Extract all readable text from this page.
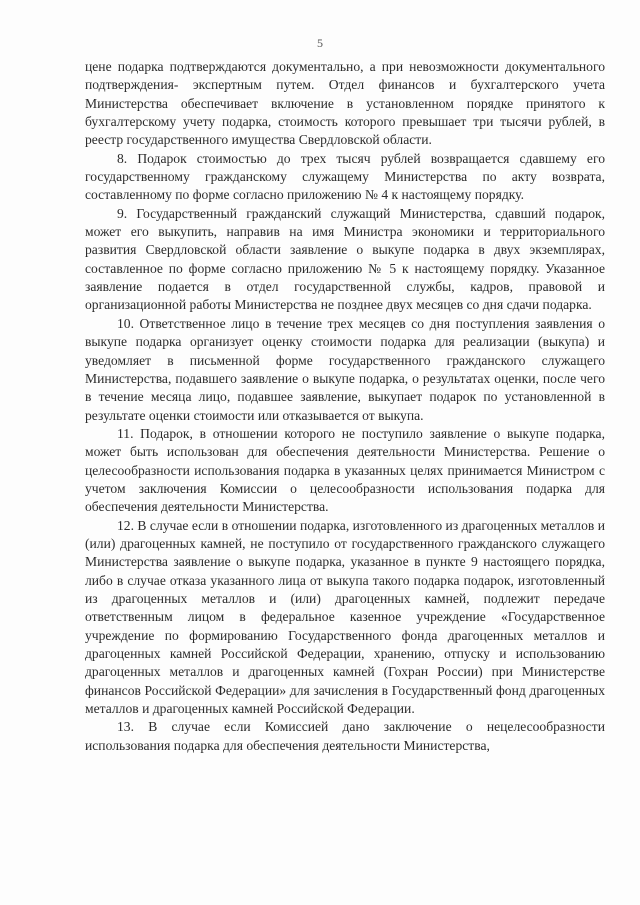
5

цене подарка подтверждаются документально, а при невозможности документального подтверждения- экспертным путем. Отдел финансов и бухгалтерского учета Министерства обеспечивает включение в установленном порядке принятого к бухгалтерскому учету подарка, стоимость которого превышает три тысячи рублей, в реестр государственного имущества Свердловской области.

8. Подарок стоимостью до трех тысяч рублей возвращается сдавшему его государственному гражданскому служащему Министерства по акту возврата, составленному по форме согласно приложению № 4 к настоящему порядку.

9. Государственный гражданский служащий Министерства, сдавший подарок, может его выкупить, направив на имя Министра экономики и территориального развития Свердловской области заявление о выкупе подарка в двух экземплярах, составленное по форме согласно приложению № 5 к настоящему порядку. Указанное заявление подается в отдел государственной службы, кадров, правовой и организационной работы Министерства не позднее двух месяцев со дня сдачи подарка.

10. Ответственное лицо в течение трех месяцев со дня поступления заявления о выкупе подарка организует оценку стоимости подарка для реализации (выкупа) и уведомляет в письменной форме государственного гражданского служащего Министерства, подавшего заявление о выкупе подарка, о результатах оценки, после чего в течение месяца лицо, подавшее заявление, выкупает подарок по установленной в результате оценки стоимости или отказывается от выкупа.

11. Подарок, в отношении которого не поступило заявление о выкупе подарка, может быть использован для обеспечения деятельности Министерства. Решение о целесообразности использования подарка в указанных целях принимается Министром с учетом заключения Комиссии о целесообразности использования подарка для обеспечения деятельности Министерства.

12. В случае если в отношении подарка, изготовленного из драгоценных металлов и (или) драгоценных камней, не поступило от государственного гражданского служащего Министерства заявление о выкупе подарка, указанное в пункте 9 настоящего порядка, либо в случае отказа указанного лица от выкупа такого подарка подарок, изготовленный из драгоценных металлов и (или) драгоценных камней, подлежит передаче ответственным лицом в федеральное казенное учреждение «Государственное учреждение по формированию Государственного фонда драгоценных металлов и драгоценных камней Российской Федерации, хранению, отпуску и использованию драгоценных металлов и драгоценных камней (Гохран России) при Министерстве финансов Российской Федерации» для зачисления в Государственный фонд драгоценных металлов и драгоценных камней Российской Федерации.

13. В случае если Комиссией дано заключение о нецелесообразности использования подарка для обеспечения деятельности Министерства,
